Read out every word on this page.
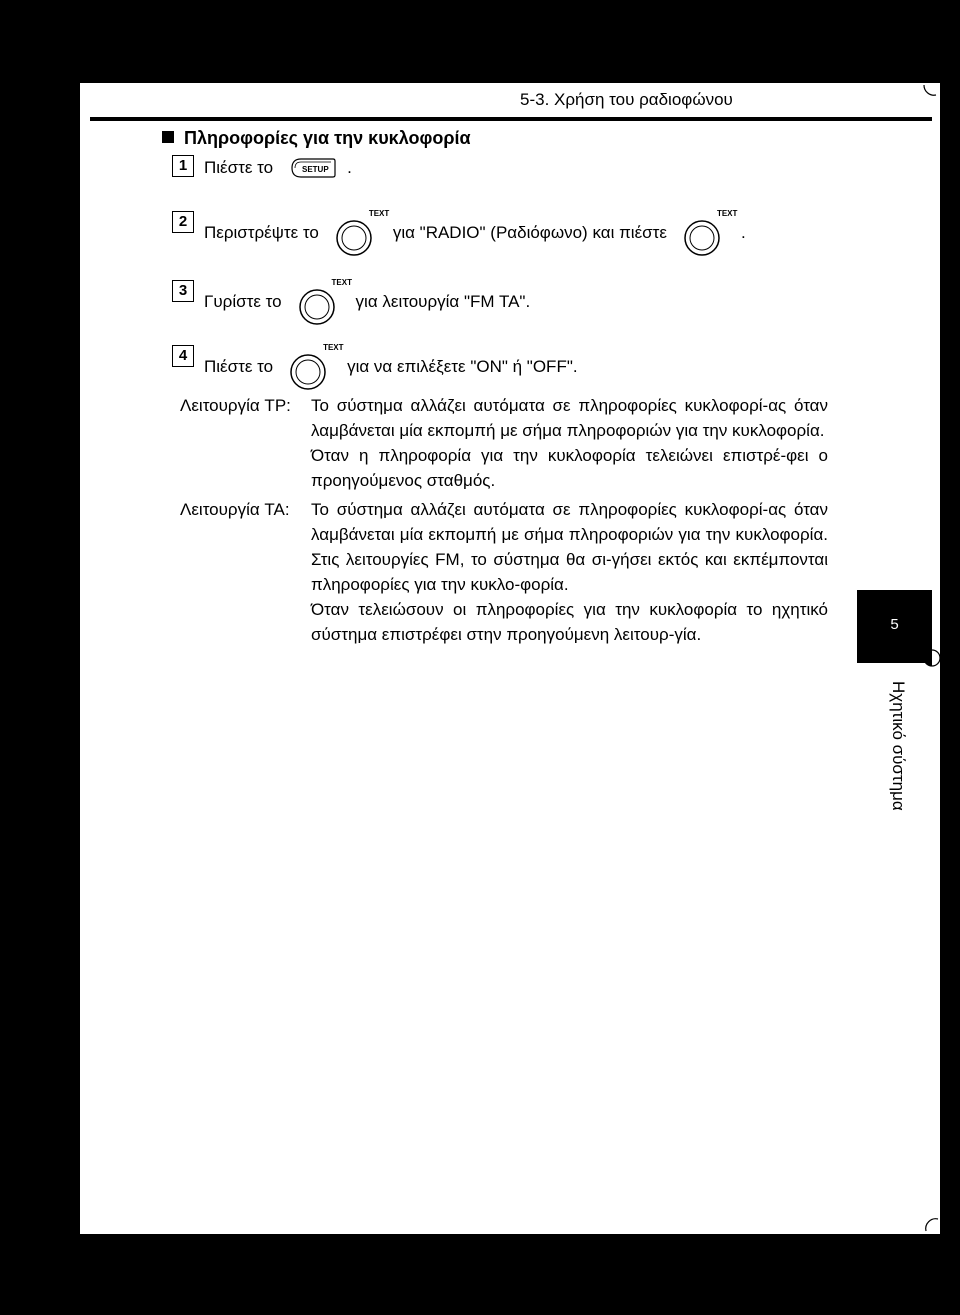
5-3. Χρήση του ραδιοφώνου
5
Ηχητικό σύστημα
Πληροφορίες για την κυκλοφορία
1 Πιέστε το	SETUP .
2
Περιστρέψτε το
TEXT
για "RADIO" (Ραδιόφωνο) και πιέστε
TEXT
.
3
Γυρίστε το
TEXT
για λειτουργία "FM TA".
4
Πιέστε το
TEXT
για να επιλέξετε "ON" ή "OFF".
Λειτουργία TP: Το σύστημα αλλάζει αυτόματα σε πληροφορίες κυκλοφορί-ας όταν λαμβάνεται μία εκπομπή με σήμα πληροφοριών για την κυκλοφορία.

Όταν η πληροφορία για την κυκλοφορία τελειώνει επιστρέ-φει ο προηγούμενος σταθμός.

Λειτουργία TA: Το σύστημα αλλάζει αυτόματα σε πληροφορίες κυκλοφορί-ας όταν λαμβάνεται μία εκπομπή με σήμα πληροφοριών για την κυκλοφορία. Στις λειτουργίες FM, το σύστημα θα σι-γήσει εκτός και εκπέμπονται πληροφορίες για την κυκλο-φορία.

Όταν τελειώσουν οι πληροφορίες για την κυκλοφορία το ηχητικό σύστημα επιστρέφει στην προηγούμενη λειτουρ-γία.
